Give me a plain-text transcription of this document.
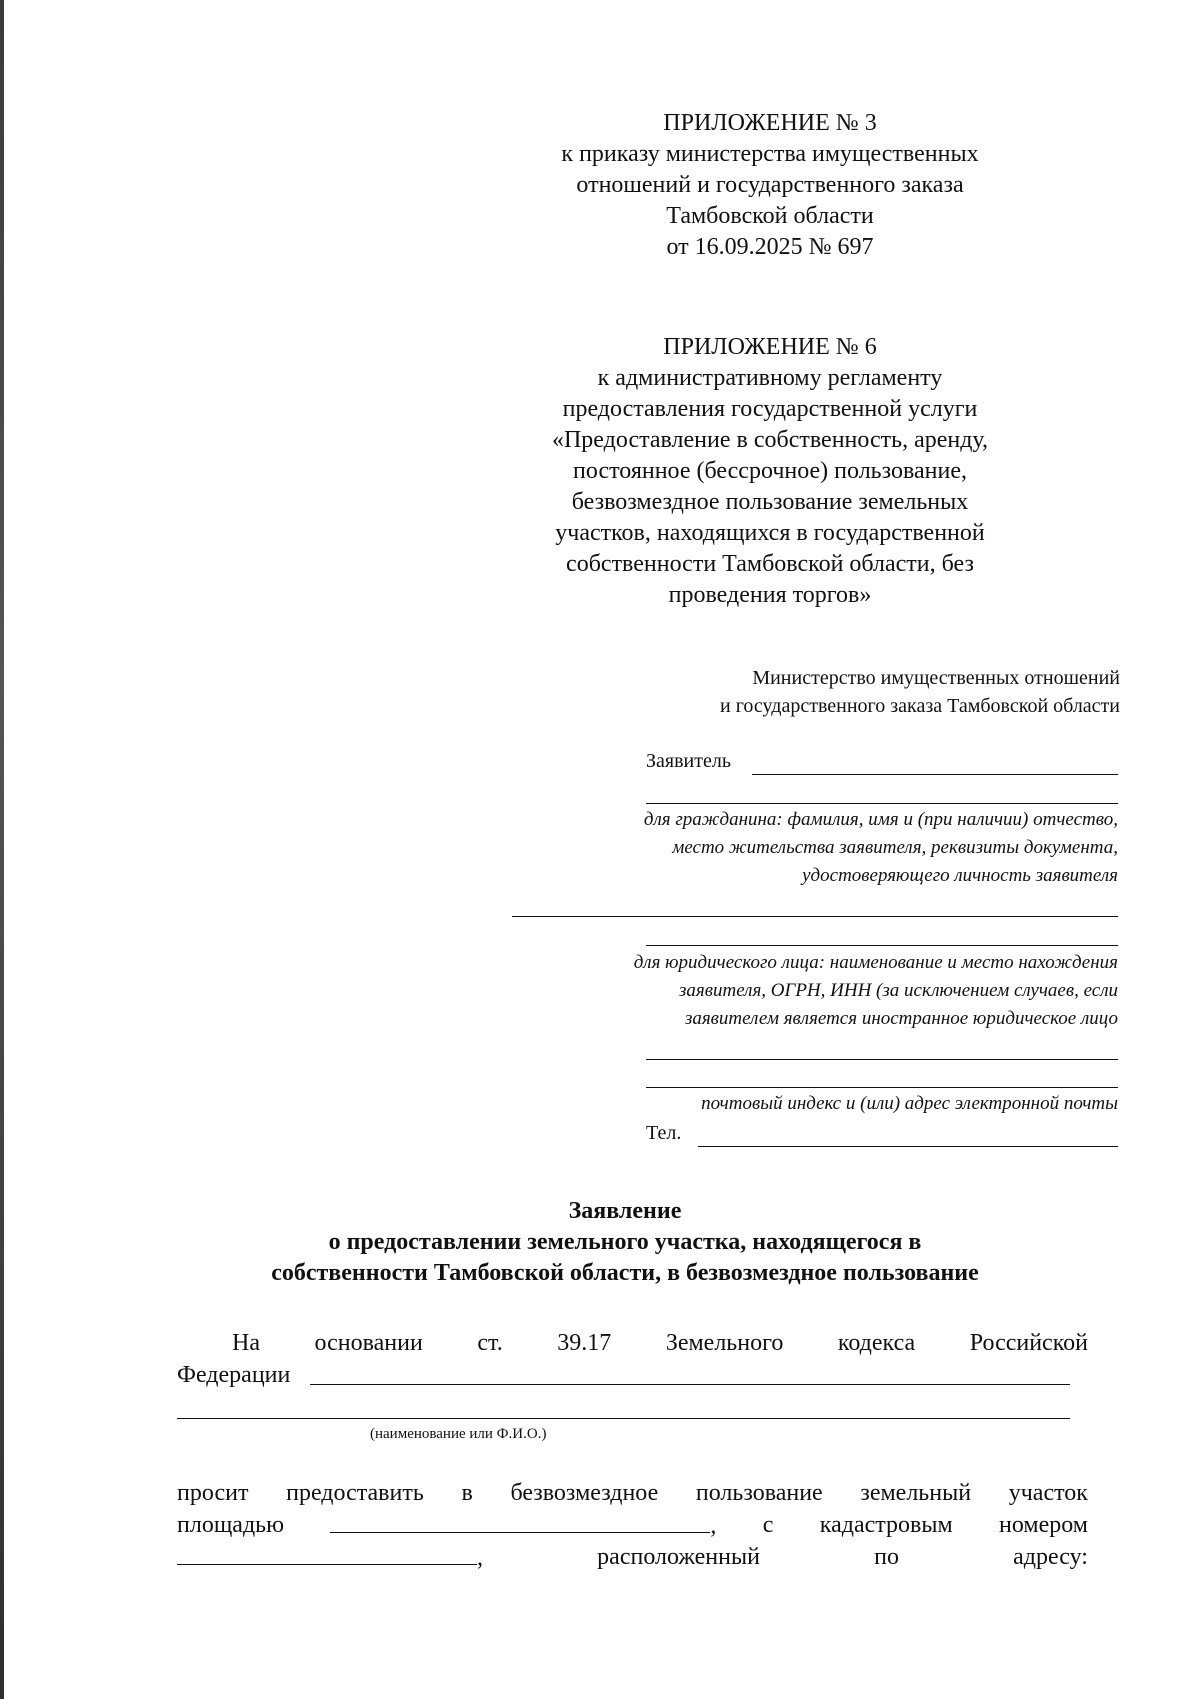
ПРИЛОЖЕНИЕ № 3
к приказу министерства имущественных
отношений и государственного заказа
Тамбовской области
от 16.09.2025 № 697
ПРИЛОЖЕНИЕ № 6
к административному регламенту
предоставления государственной услуги
«Предоставление в собственность, аренду,
постоянное (бессрочное) пользование,
безвозмездное пользование земельных
участков, находящихся в государственной
собственности Тамбовской области, без
проведения торгов»
Министерство имущественных отношений
и государственного заказа Тамбовской области
Заявитель
для гражданина: фамилия, имя и (при наличии) отчество,
место жительства заявителя, реквизиты документа,
удостоверяющего личность заявителя
для юридического лица: наименование и место нахождения
заявителя, ОГРН, ИНН (за исключением случаев, если
заявителем является иностранное юридическое лицо
почтовый индекс и (или) адрес электронной почты
Тел.
Заявление
о предоставлении земельного участка, находящегося в
собственности Тамбовской области, в безвозмездное пользование
На основании ст. 39.17 Земельного кодекса Российской
Федерации
(наименование или Ф.И.О.)
просит предоставить в безвозмездное пользование земельный участок
площадью	, с кадастровым номером
,	расположенный	по	адресу:
